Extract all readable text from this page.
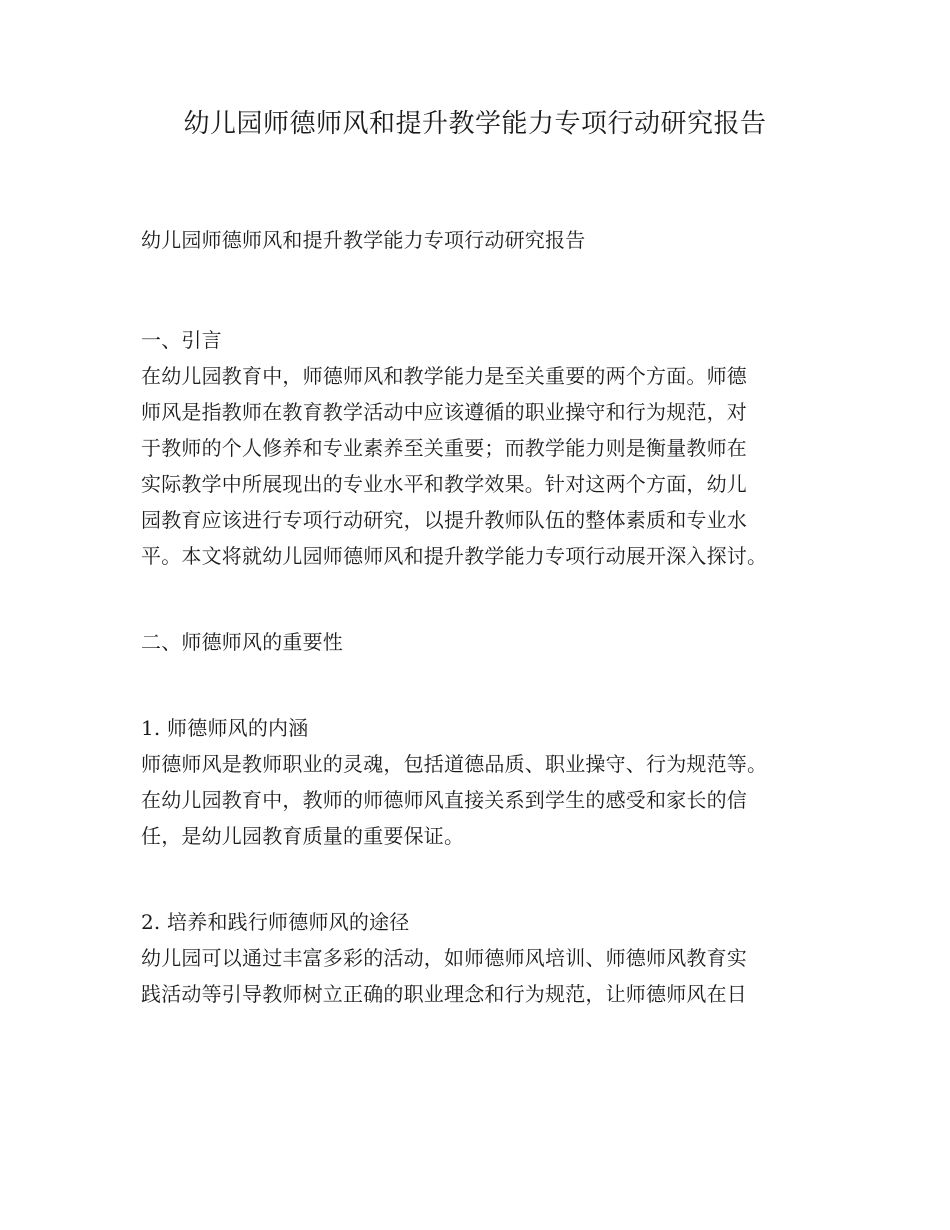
幼儿园师德师风和提升教学能力专项行动研究报告
幼儿园师德师风和提升教学能力专项行动研究报告
一、引言
在幼儿园教育中，师德师风和教学能力是至关重要的两个方面。师德
师风是指教师在教育教学活动中应该遵循的职业操守和行为规范，对
于教师的个人修养和专业素养至关重要；而教学能力则是衡量教师在
实际教学中所展现出的专业水平和教学效果。针对这两个方面，幼儿
园教育应该进行专项行动研究，以提升教师队伍的整体素质和专业水
平。本文将就幼儿园师德师风和提升教学能力专项行动展开深入探讨。
二、师德师风的重要性
1. 师德师风的内涵
师德师风是教师职业的灵魂，包括道德品质、职业操守、行为规范等。
在幼儿园教育中，教师的师德师风直接关系到学生的感受和家长的信
任，是幼儿园教育质量的重要保证。
2. 培养和践行师德师风的途径
幼儿园可以通过丰富多彩的活动，如师德师风培训、师德师风教育实
践活动等引导教师树立正确的职业理念和行为规范，让师德师风在日
